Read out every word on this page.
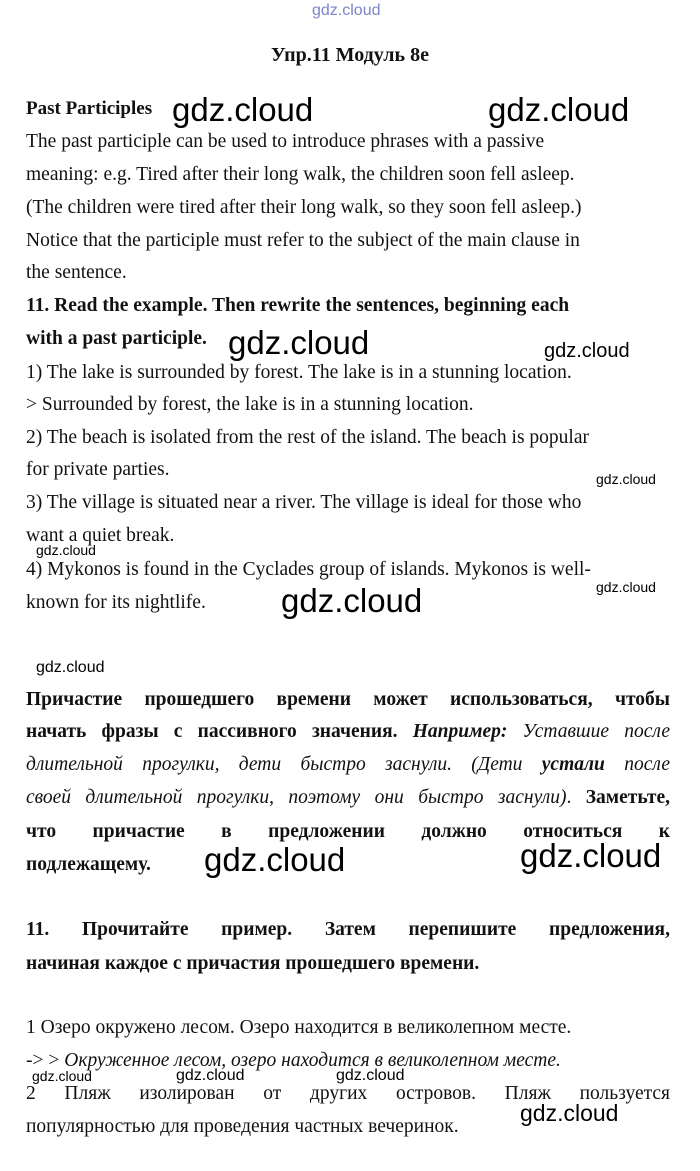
gdz.cloud
Упр.11 Модуль 8e
Past Participles
The past participle can be used to introduce phrases with a passive
meaning: e.g. Tired after their long walk, the children soon fell asleep.
(The children were tired after their long walk, so they soon fell asleep.)
Notice that the participle must refer to the subject of the main clause in
the sentence.
11. Read the example. Then rewrite the sentences, beginning each
with a past participle.
1) The lake is surrounded by forest. The lake is in a stunning location.
> Surrounded by forest, the lake is in a stunning location.
2) The beach is isolated from the rest of the island. The beach is popular
for private parties.
3) The village is situated near a river. The village is ideal for those who
want a quiet break.
4) Mykonos is found in the Cyclades group of islands. Mykonos is well-
known for its nightlife.
Причастие прошедшего времени может использоваться, чтобы
начать фразы с пассивного значения. Например: Уставшие после
длительной прогулки, дети быстро заснули. (Дети устали после
своей длительной прогулки, поэтому они быстро заснули). Заметьте,
что причастие в предложении должно относиться к
подлежащему.
11. Прочитайте пример. Затем перепишите предложения,
начиная каждое с причастия прошедшего времени.
1 Озеро окружено лесом. Озеро находится в великолепном месте.
-> > Окруженное лесом, озеро находится в великолепном месте.
2 Пляж изолирован от других островов. Пляж пользуется
популярностью для проведения частных вечеринок.
gdz.cloud	gdz.cloud
gdz.cloud	gdz.cloud
gdz.cloud
gdz.cloud
gdz.cloud
gdz.cloud
gdz.cloud
gdz.cloud	gdz.cloud
gdz.cloud	gdz.cloud	gdz.cloud
gdz.cloud
